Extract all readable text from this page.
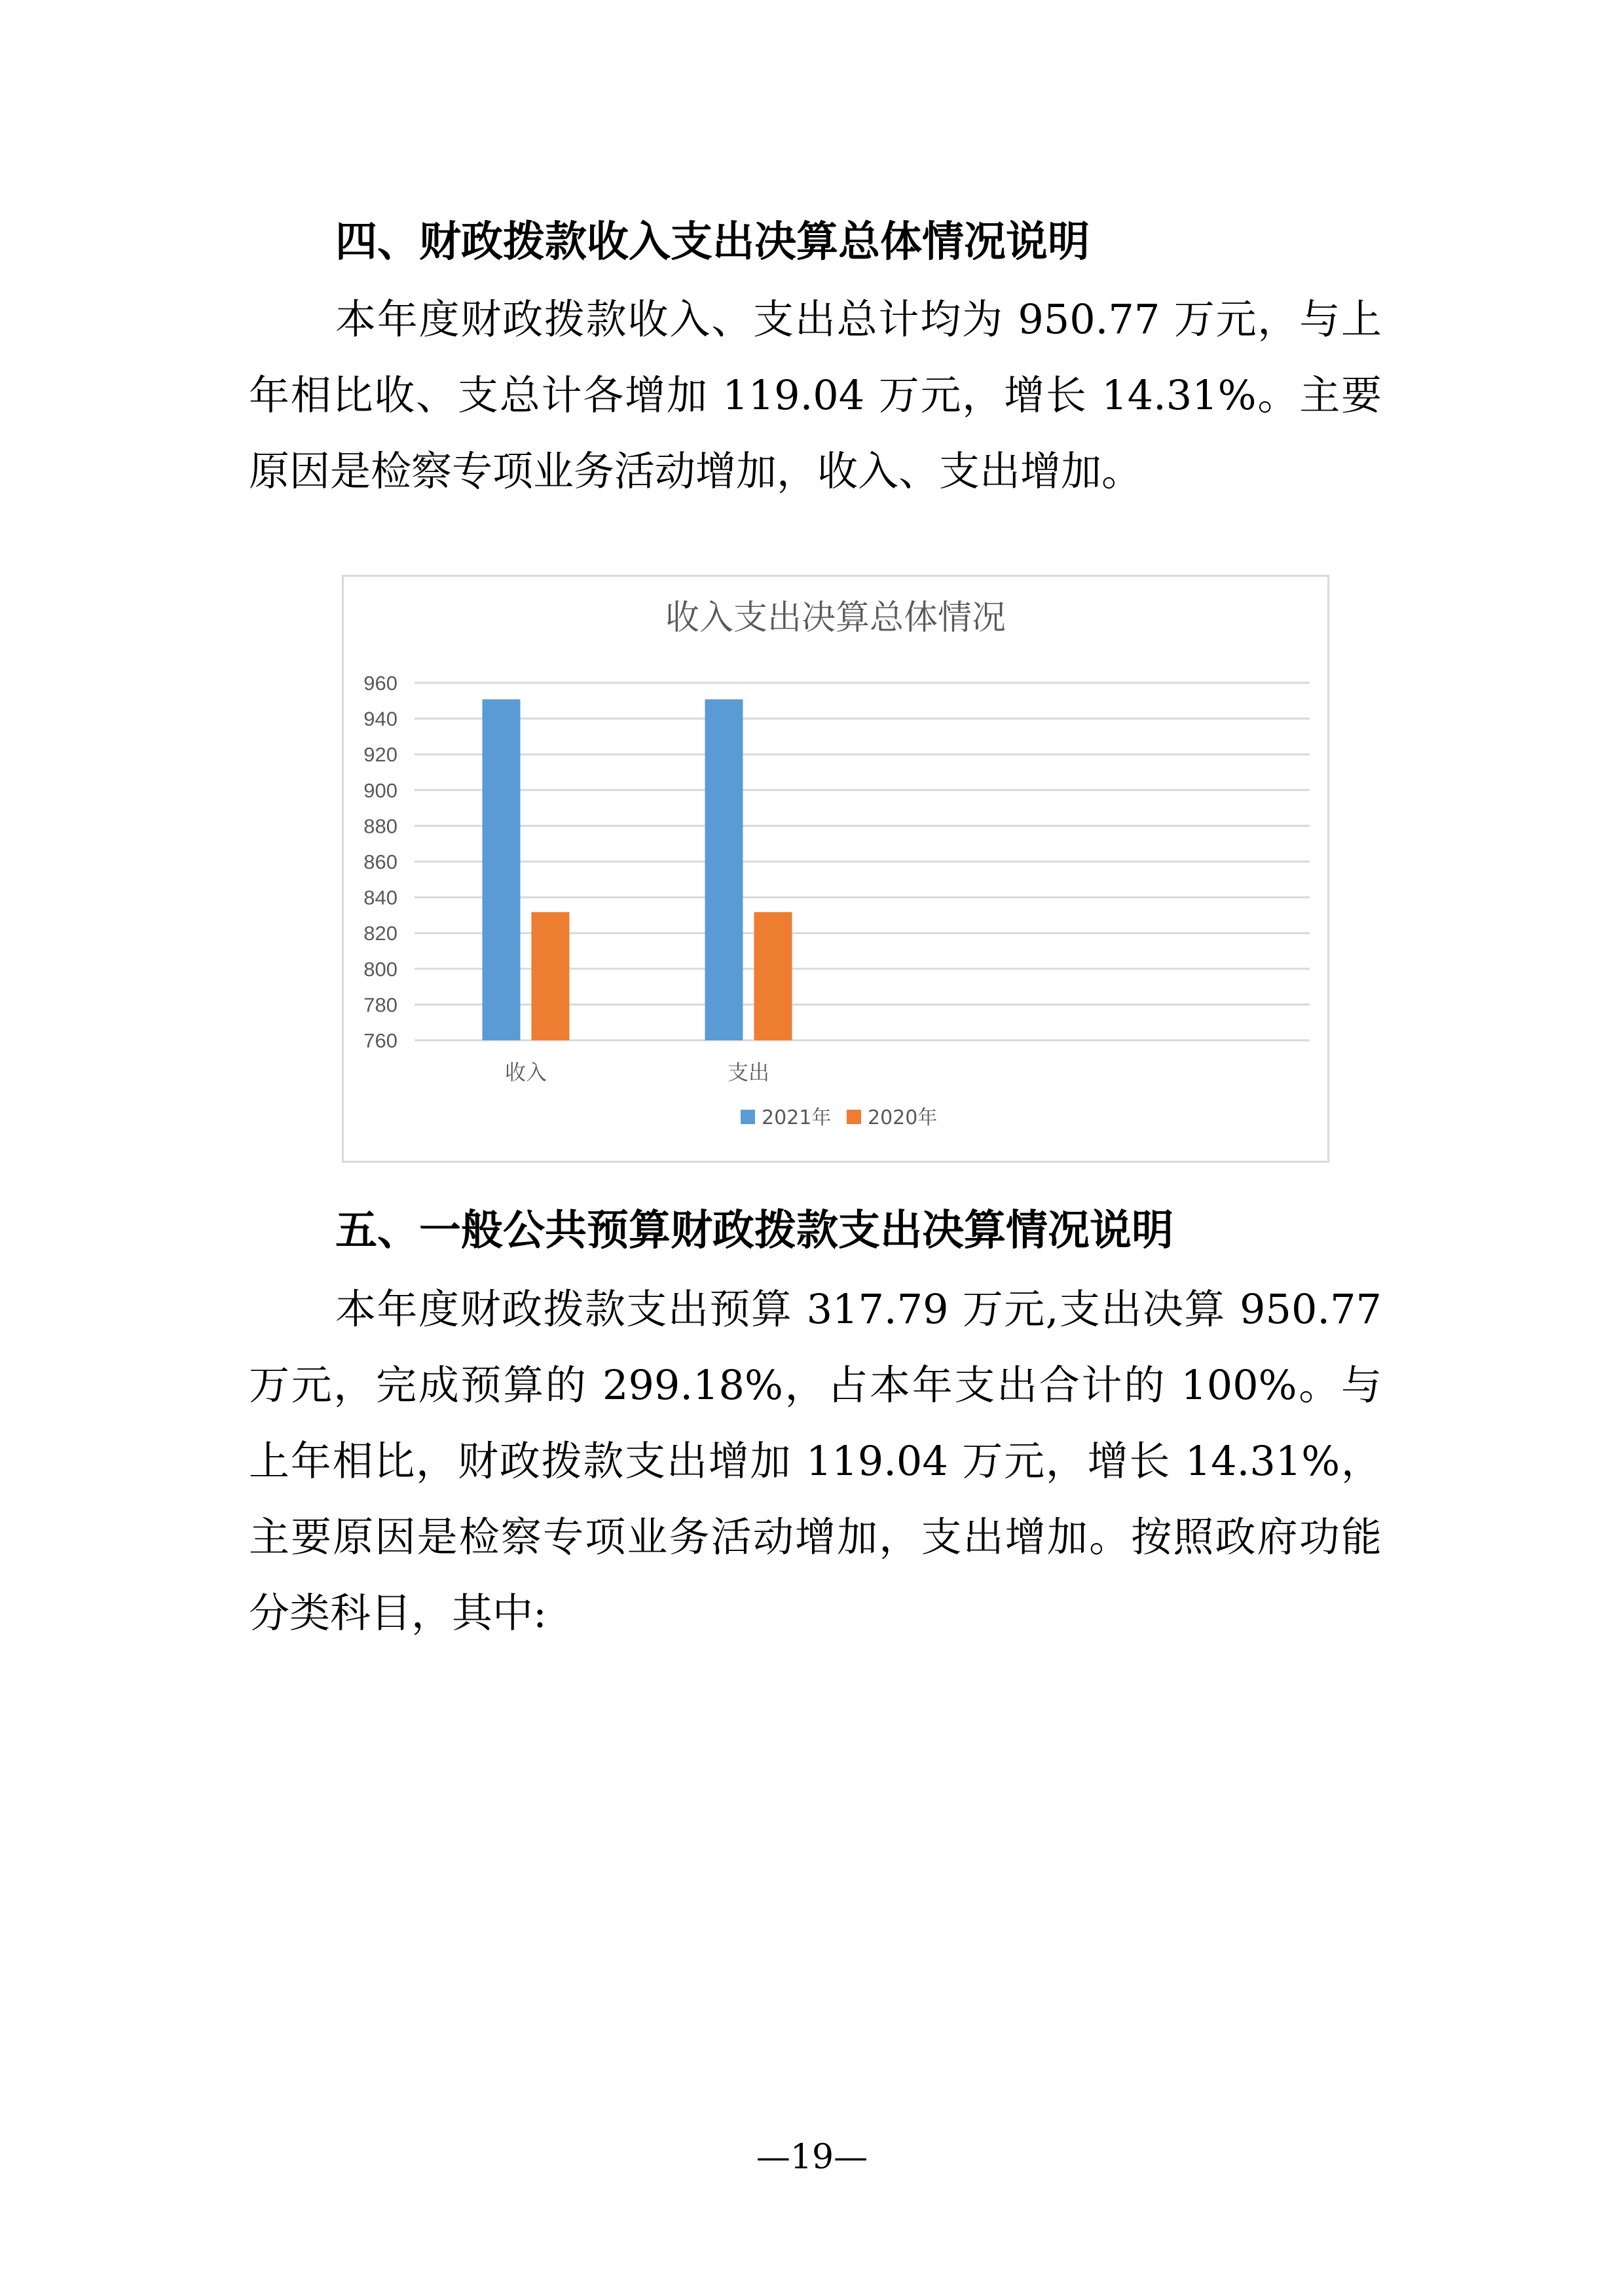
四、财政拨款收入支出决算总体情况说明

本年度财政拨款收入、支出总计均为 950.77 万元，与上年相比收、支总计各增加 119.04 万元，增长 14.31%。主要原因是检察专项业务活动增加，收入、支出增加。

收入支出决算总体情况
760
780
800
820
840
860
880
900
920
940
960
收入	支出
2021年 2020年
五、一般公共预算财政拨款支出决算情况说明

本年度财政拨款支出预算 317.79 万元,支出决算 950.77 万元，完成预算的 299.18%，占本年支出合计的 100%。与上年相比，财政拨款支出增加 119.04 万元，增长 14.31%，主要原因是检察专项业务活动增加，支出增加。按照政府功能分类科目，其中:

—19—
